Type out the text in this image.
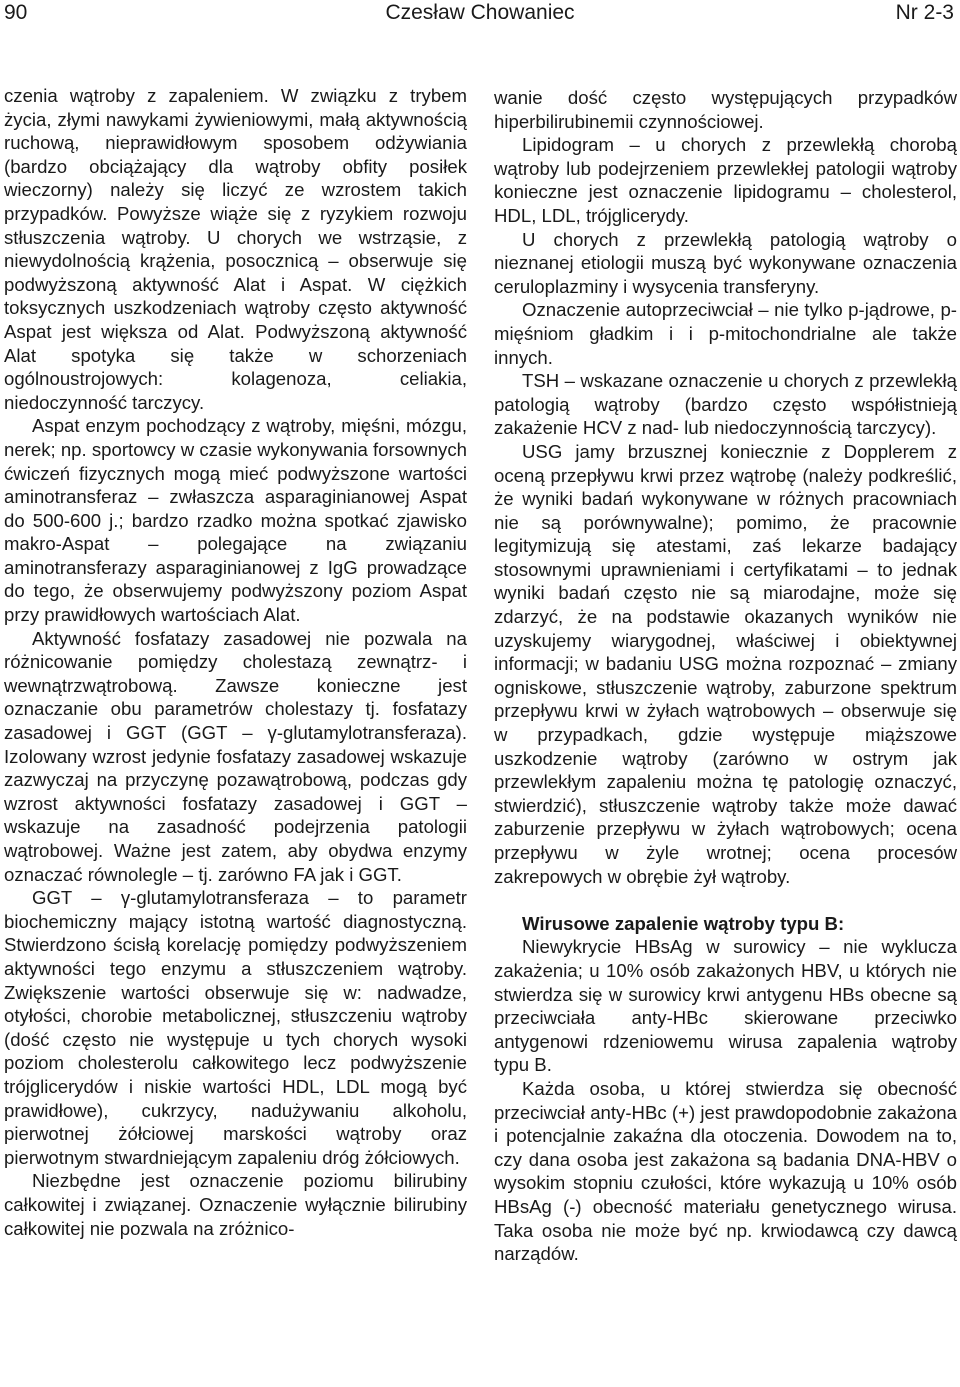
90	Czesław Chowaniec	Nr 2-3

czenia wątroby z zapaleniem. W związku z trybem życia, złymi nawykami żywieniowymi, małą aktywnością ruchową, nieprawidłowym sposobem odżywiania (bardzo obciążający dla wątroby obfity posiłek wieczorny) należy się liczyć ze wzrostem takich przypadków. Powyższe wiąże się z ryzykiem rozwoju stłuszczenia wątroby. U chorych we wstrząsie, z niewydolnością krążenia, posocznicą – obserwuje się podwyższoną aktywność Alat i Aspat. W ciężkich toksycznych uszkodzeniach wątroby często aktywność Aspat jest większa od Alat. Podwyższoną aktywność Alat spotyka się także w schorzeniach ogólnoustrojowych: kolagenoza, celiakia, niedoczynność tarczycy.

Aspat enzym pochodzący z wątroby, mięśni, mózgu, nerek; np. sportowcy w czasie wykonywania forsownych ćwiczeń fizycznych mogą mieć podwyższone wartości aminotransferaz – zwłaszcza asparaginianowej Aspat do 500-600 j.; bardzo rzadko można spotkać zjawisko makro-Aspat – polegające na związaniu aminotransferazy asparaginianowej z IgG prowadzące do tego, że obserwujemy podwyższony poziom Aspat przy prawidłowych wartościach Alat.

Aktywność fosfatazy zasadowej nie pozwala na różnicowanie pomiędzy cholestazą zewnątrz- i wewnątrzwątrobową. Zawsze konieczne jest oznaczanie obu parametrów cholestazy tj. fosfatazy zasadowej i GGT (GGT – γ-glutamylotransferaza). Izolowany wzrost jedynie fosfatazy zasadowej wskazuje zazwyczaj na przyczynę pozawątrobową, podczas gdy wzrost aktywności fosfatazy zasadowej i GGT – wskazuje na zasadność podejrzenia patologii wątrobowej. Ważne jest zatem, aby obydwa enzymy oznaczać równolegle – tj. zarówno FA jak i GGT.

GGT – γ-glutamylotransferaza – to parametr biochemiczny mający istotną wartość diagnostyczną. Stwierdzono ścisłą korelację pomiędzy podwyższeniem aktywności tego enzymu a stłuszczeniem wątroby. Zwiększenie wartości obserwuje się w: nadwadze, otyłości, chorobie metabolicznej, stłuszczeniu wątroby (dość często nie występuje u tych chorych wysoki poziom cholesterolu całkowitego lecz podwyższenie trójglicerydów i niskie wartości HDL, LDL mogą być prawidłowe), cukrzycy, nadużywaniu alkoholu, pierwotnej żółciowej marskości wątroby oraz pierwotnym stwardniejącym zapaleniu dróg żółciowych.

Niezbędne jest oznaczenie poziomu bilirubiny całkowitej i związanej. Oznaczenie wyłącznie bilirubiny całkowitej nie pozwala na zróżnico-

wanie dość często występujących przypadków hiperbilirubinemii czynnościowej.

Lipidogram – u chorych z przewlekłą chorobą wątroby lub podejrzeniem przewlekłej patologii wątroby konieczne jest oznaczenie lipidogramu – cholesterol, HDL, LDL, trójglicerydy.

U chorych z przewlekłą patologią wątroby o nieznanej etiologii muszą być wykonywane oznaczenia ceruloplazminy i wysycenia transferyny.

Oznaczenie autoprzeciwciał – nie tylko p-jądrowe, p-mięśniom gładkim i i p-mitochondrialne ale także innych.

TSH – wskazane oznaczenie u chorych z przewlekłą patologią wątroby (bardzo często współistnieją zakażenie HCV z nad- lub niedoczynnością tarczycy).

USG jamy brzusznej koniecznie z Dopplerem z oceną przepływu krwi przez wątrobę (należy podkreślić, że wyniki badań wykonywane w różnych pracowniach nie są porównywalne); pomimo, że pracownie legitymizują się atestami, zaś lekarze badający stosownymi uprawnieniami i certyfikatami – to jednak wyniki badań często nie są miarodajne, może się zdarzyć, że na podstawie okazanych wyników nie uzyskujemy wiarygodnej, właściwej i obiektywnej informacji; w badaniu USG można rozpoznać – zmiany ogniskowe, stłuszczenie wątroby, zaburzone spektrum przepływu krwi w żyłach wątrobowych – obserwuje się w przypadkach, gdzie występuje miąższowe uszkodzenie wątroby (zarówno w ostrym jak przewlekłym zapaleniu można tę patologię oznaczyć, stwierdzić), stłuszczenie wątroby także może dawać zaburzenie przepływu w żyłach wątrobowych; ocena przepływu w żyle wrotnej; ocena procesów zakrepowych w obrębie żył wątroby.

Wirusowe zapalenie wątroby typu B:

Niewykrycie HBsAg w surowicy – nie wyklucza zakażenia; u 10% osób zakażonych HBV, u których nie stwierdza się w surowicy krwi antygenu HBs obecne są przeciwciała anty-HBc skierowane przeciwko antygenowi rdzeniowemu wirusa zapalenia wątroby typu B.

Każda osoba, u której stwierdza się obecność przeciwciał anty-HBc (+) jest prawdopodobnie zakażona i potencjalnie zakaźna dla otoczenia. Dowodem na to, czy dana osoba jest zakażona są badania DNA-HBV o wysokim stopniu czułości, które wykazują u 10% osób HBsAg (-) obecność materiału genetycznego wirusa. Taka osoba nie może być np. krwiodawcą czy dawcą narządów.
